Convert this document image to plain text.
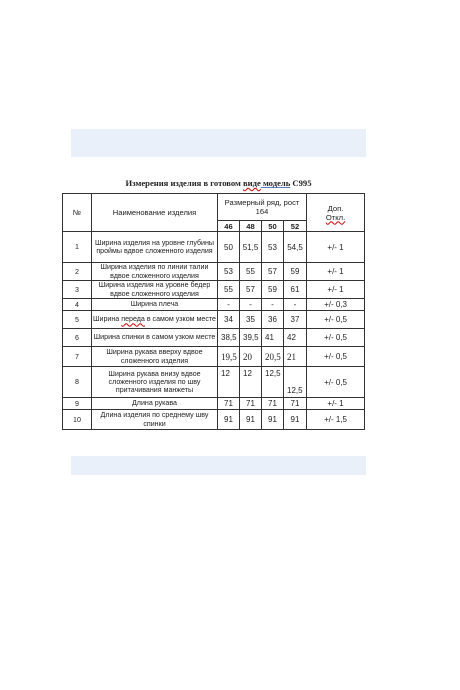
Измерения изделия в готовом виде модель С995
№	Наименование изделия	Размерный ряд, рост 164				Доп.
Откл.
		46	48	50	52	
1	Ширина изделия на уровне глубины проймы вдвое сложенного изделия	50	51,5	53	54,5	+/- 1
2	Ширина изделия по линии талии вдвое сложенного изделия	53	55	57	59	+/- 1
3	Ширина изделия на уровне бедер вдвое сложенного изделия	55	57	59	61	+/- 1
4	Ширина плеча	-	-	-	-	+/- 0,3
5	Ширина переда в самом узком месте	34	35	36	37	+/- 0,5
6	Ширина спинки в самом узком месте	38,5	39,5	41	42	+/- 0,5
7	Ширина рукава вверху вдвое сложенного изделия	19,5	20	20,5	21	+/- 0,5
8	Ширина рукава внизу вдвое сложенного изделия по шву притачивания манжеты	12	12	12,5	12,5	+/- 0,5
9	Длина рукава	71	71	71	71	+/- 1
10	Длина изделия по среднему шву спинки	91	91	91	91	+/- 1,5
